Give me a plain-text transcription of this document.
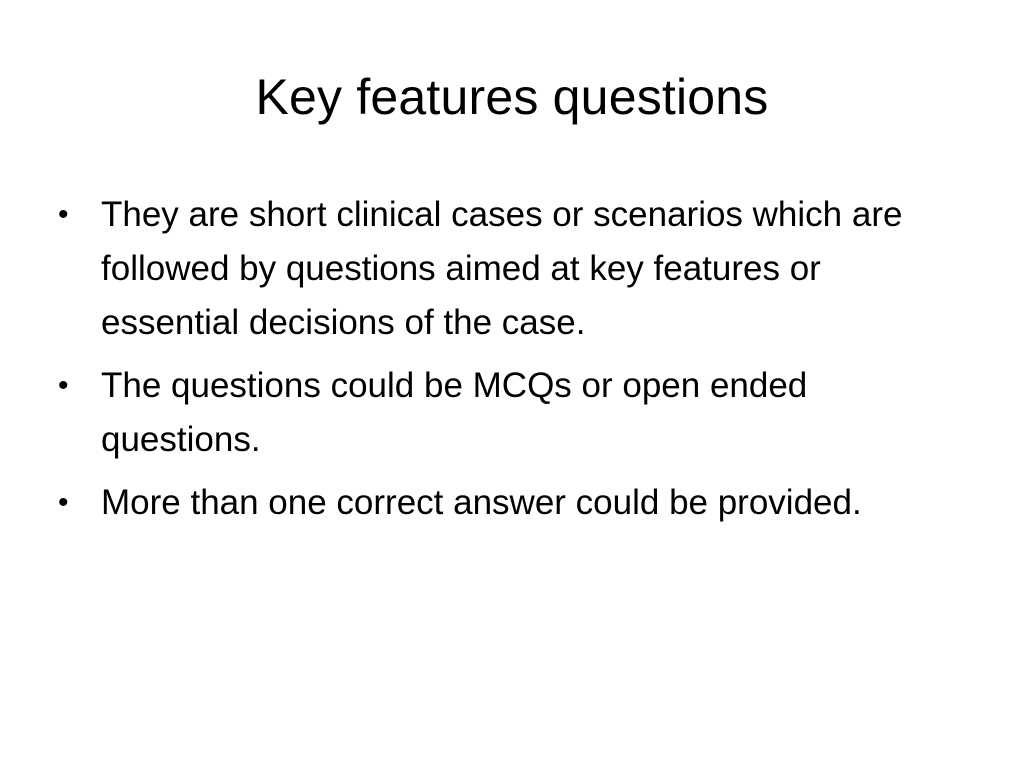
Key features questions
• They are short clinical cases or scenarios which are followed by questions aimed at key features or essential decisions of the case.
• The questions could be MCQs or open ended questions.
• More than one correct answer could be provided.
